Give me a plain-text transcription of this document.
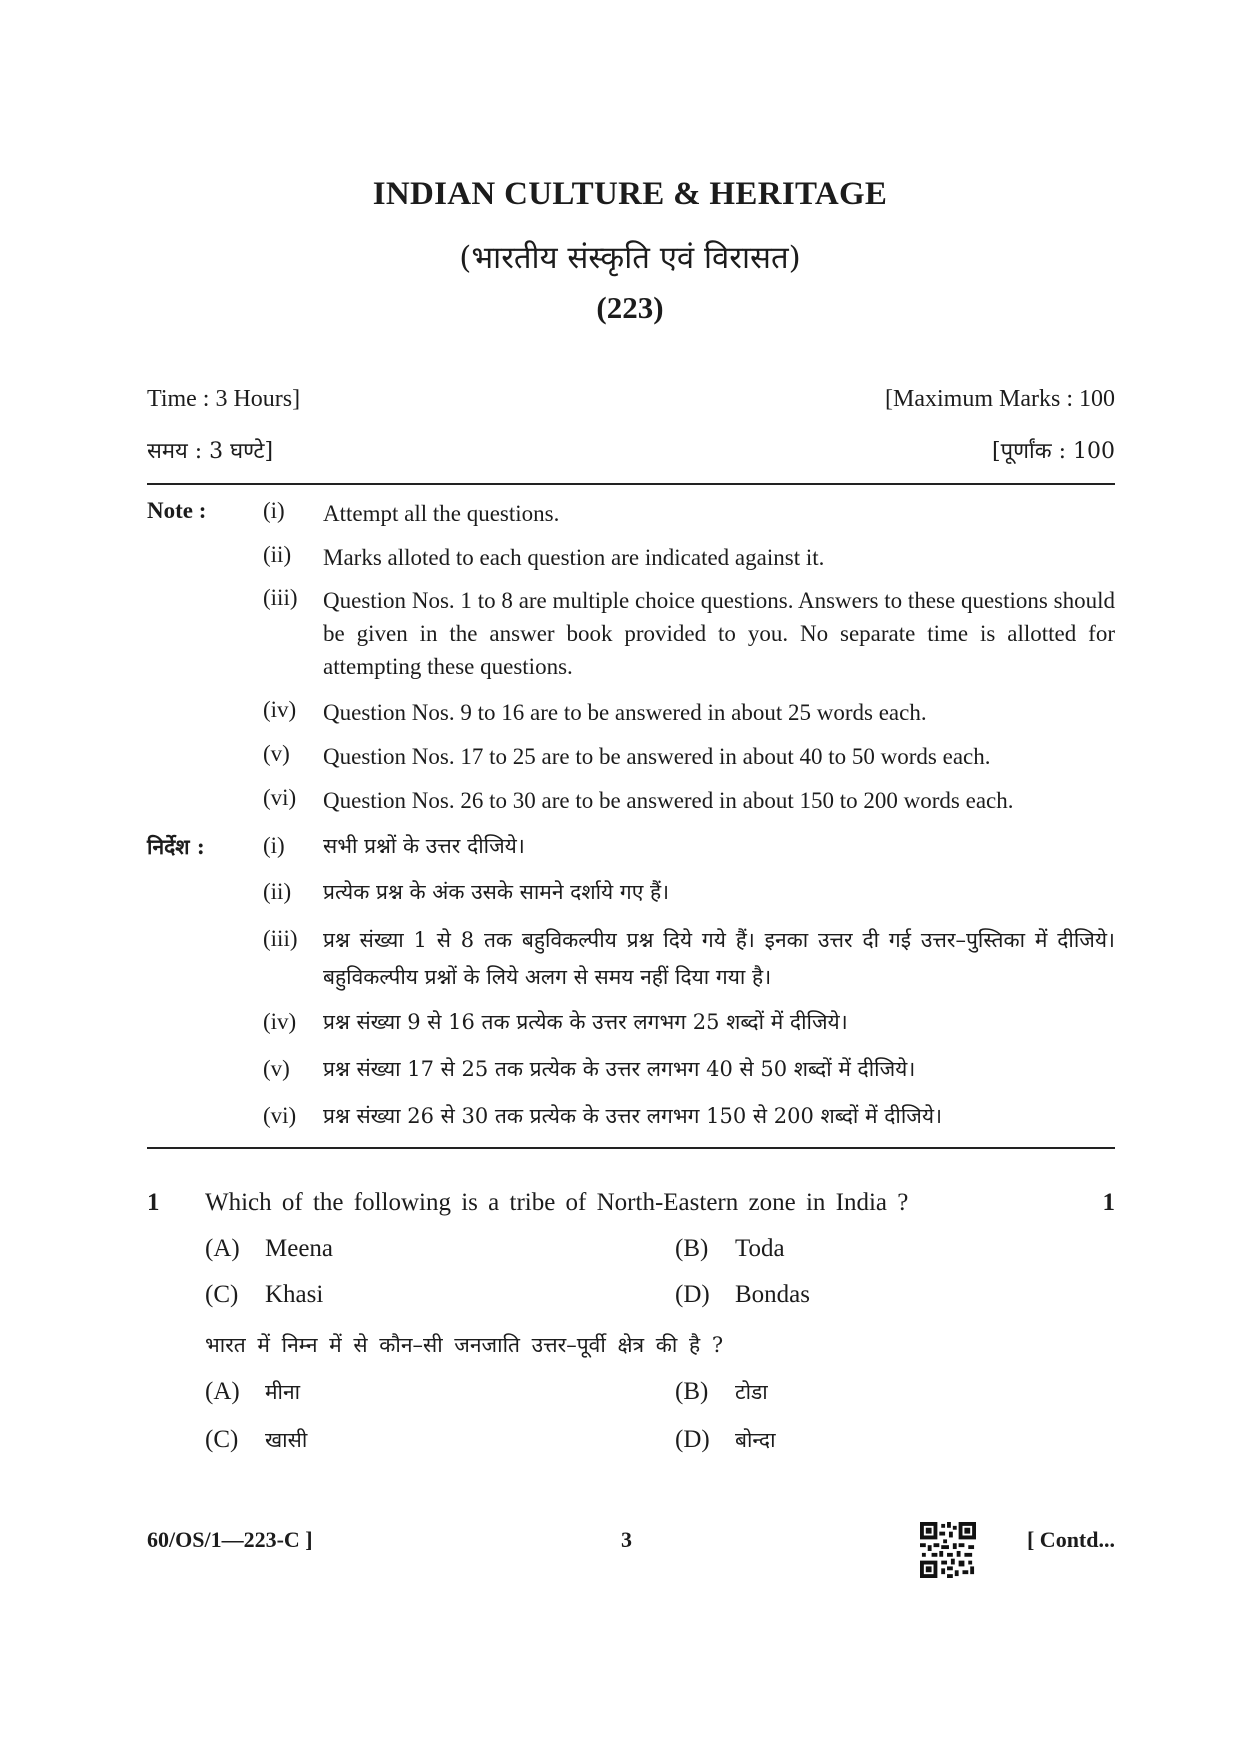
INDIAN CULTURE & HERITAGE
(भारतीय संस्कृति एवं विरासत)
(223)
Time : 3 Hours]	[Maximum Marks : 100
समय : 3 घण्टे]	[पूर्णांक : 100
Note : (i) Attempt all the questions.
(ii) Marks alloted to each question are indicated against it.
(iii) Question Nos. 1 to 8 are multiple choice questions. Answers to these questions should be given in the answer book provided to you. No separate time is allotted for attempting these questions.
(iv) Question Nos. 9 to 16 are to be answered in about 25 words each.
(v) Question Nos. 17 to 25 are to be answered in about 40 to 50 words each.
(vi) Question Nos. 26 to 30 are to be answered in about 150 to 200 words each.
निर्देश :	(i) सभी प्रश्नों के उत्तर दीजिये।
(ii) प्रत्येक प्रश्न के अंक उसके सामने दर्शाये गए हैं।
(iii) प्रश्न संख्या 1 से 8 तक बहुविकल्पीय प्रश्न दिये गये हैं। इनका उत्तर दी गई उत्तर–पुस्तिका में दीजिये। बहुविकल्पीय प्रश्नों के लिये अलग से समय नहीं दिया गया है।
(iv) प्रश्न संख्या 9 से 16 तक प्रत्येक के उत्तर लगभग 25 शब्दों में दीजिये।
(v) प्रश्न संख्या 17 से 25 तक प्रत्येक के उत्तर लगभग 40 से 50 शब्दों में दीजिये।
(vi) प्रश्न संख्या 26 से 30 तक प्रत्येक के उत्तर लगभग 150 से 200 शब्दों में दीजिये।
1 Which of the following is a tribe of North-Eastern zone in India ?	1
(A) Meena	(B) Toda
(C) Khasi	(D) Bondas
भारत में निम्न में से कौन–सी जनजाति उत्तर–पूर्वी क्षेत्र की है ?
(A) मीना	(B) टोडा
(C) खासी	(D) बोन्दा
60/OS/1—223-C ]	3	[ Contd...
